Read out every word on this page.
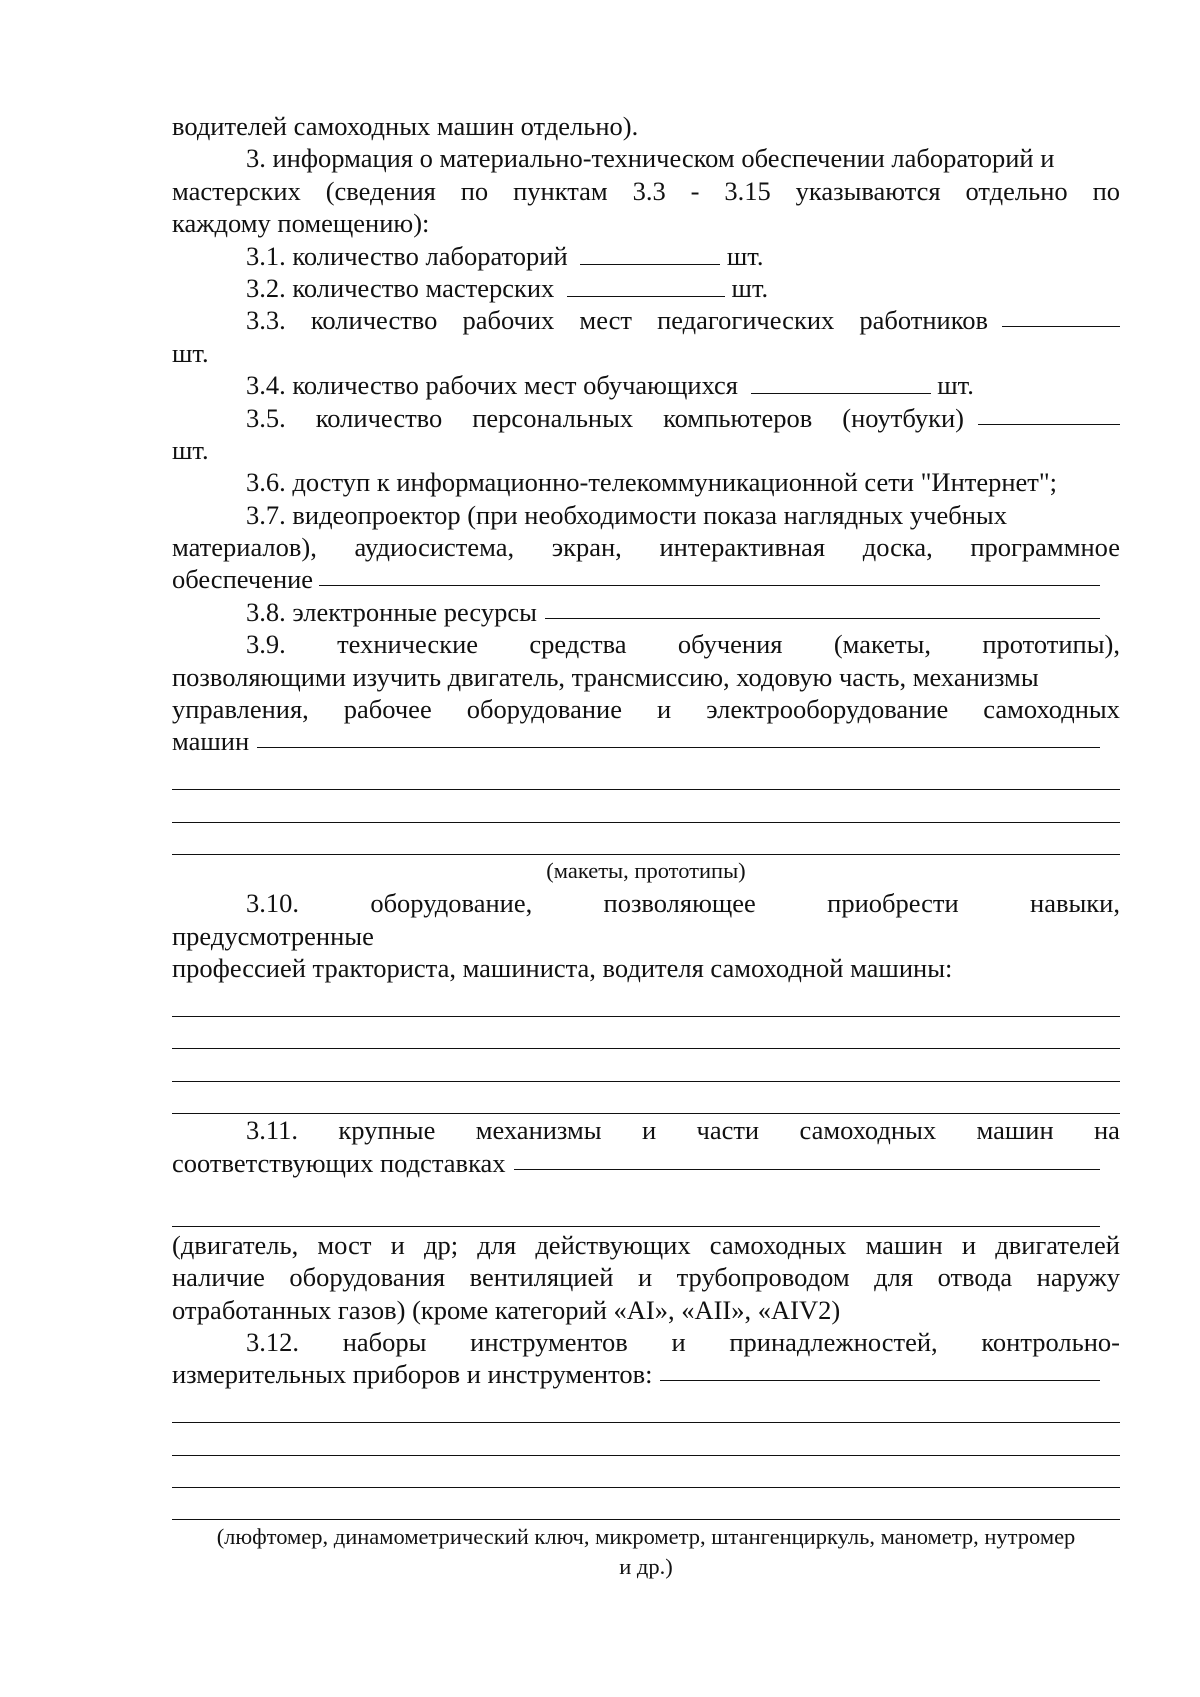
водителей самоходных машин отдельно).
3. информация о материально-техническом обеспечении лабораторий и
мастерских (сведения по пунктам 3.3 - 3.15 указываются отдельно по
каждому помещению):
3.1. количество лабораторий	шт.
3.2. количество мастерских	шт.
3.3. количество рабочих мест педагогических работников
шт.
3.4. количество рабочих мест обучающихся	шт.
3.5. количество персональных компьютеров (ноутбуки)
шт.
3.6. доступ к информационно-телекоммуникационной сети "Интернет";
3.7. видеопроектор (при необходимости показа наглядных учебных
материалов), аудиосистема, экран, интерактивная доска, программное
обеспечение
3.8. электронные ресурсы
3.9. технические средства обучения (макеты, прототипы),
позволяющими изучить двигатель, трансмиссию, ходовую часть, механизмы
управления, рабочее оборудование и электрооборудование самоходных
машин
(макеты, прототипы)
3.10.	оборудование,	позволяющее	приобрести	навыки,
предусмотренные
профессией тракториста, машиниста, водителя самоходной машины:
3.11. крупные механизмы и части самоходных машин на
соответствующих подставках
(двигатель, мост и др; для действующих самоходных машин и двигателей
наличие оборудования вентиляцией и трубопроводом для отвода наружу
отработанных газов) (кроме категорий «AI», «AII», «AIV2)
3.12. наборы инструментов и принадлежностей, контрольно-
измерительных приборов и инструментов:
(люфтомер, динамометрический ключ, микрометр, штангенциркуль, манометр, нутромер
и др.)
